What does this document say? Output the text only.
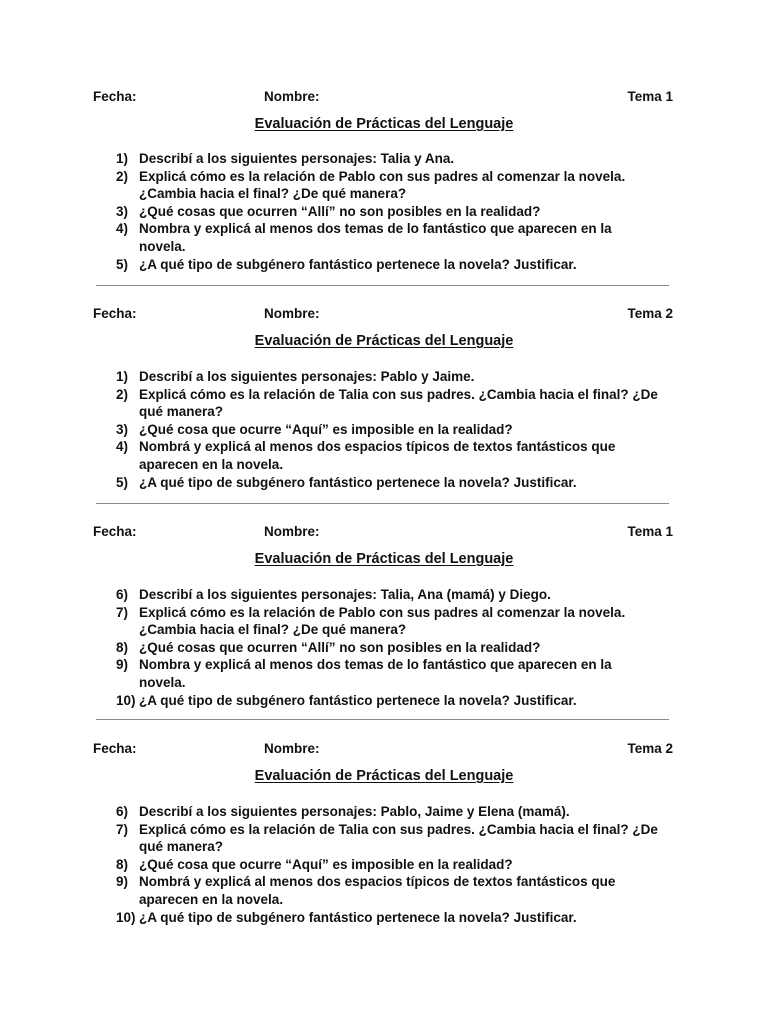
Fecha:	Nombre:	Tema 1
Evaluación de Prácticas del Lenguaje
1) Describí a los siguientes personajes: Talia y Ana.
2) Explicá cómo es la relación de Pablo con sus padres al comenzar la novela. ¿Cambia hacia el final? ¿De qué manera?
3) ¿Qué cosas que ocurren “Allí” no son posibles en la realidad?
4) Nombra y explicá al menos dos temas de lo fantástico que aparecen en la novela.
5) ¿A qué tipo de subgénero fantástico pertenece la novela? Justificar.
Fecha:	Nombre:	Tema 2
Evaluación de Prácticas del Lenguaje
1) Describí a los siguientes personajes: Pablo y Jaime.
2) Explicá cómo es la relación de Talia con sus padres. ¿Cambia hacia el final? ¿De qué manera?
3) ¿Qué cosa que ocurre “Aquí” es imposible en la realidad?
4) Nombrá y explicá al menos dos espacios típicos de textos fantásticos que aparecen en la novela.
5) ¿A qué tipo de subgénero fantástico pertenece la novela? Justificar.
Fecha:	Nombre:	Tema 1
Evaluación de Prácticas del Lenguaje
6) Describí a los siguientes personajes: Talia, Ana (mamá) y Diego.
7) Explicá cómo es la relación de Pablo con sus padres al comenzar la novela. ¿Cambia hacia el final? ¿De qué manera?
8) ¿Qué cosas que ocurren “Allí” no son posibles en la realidad?
9) Nombra y explicá al menos dos temas de lo fantástico que aparecen en la novela.
10) ¿A qué tipo de subgénero fantástico pertenece la novela? Justificar.
Fecha:	Nombre:	Tema 2
Evaluación de Prácticas del Lenguaje
6) Describí a los siguientes personajes: Pablo, Jaime y Elena (mamá).
7) Explicá cómo es la relación de Talia con sus padres. ¿Cambia hacia el final? ¿De qué manera?
8) ¿Qué cosa que ocurre “Aquí” es imposible en la realidad?
9) Nombrá y explicá al menos dos espacios típicos de textos fantásticos que aparecen en la novela.
10) ¿A qué tipo de subgénero fantástico pertenece la novela? Justificar.
